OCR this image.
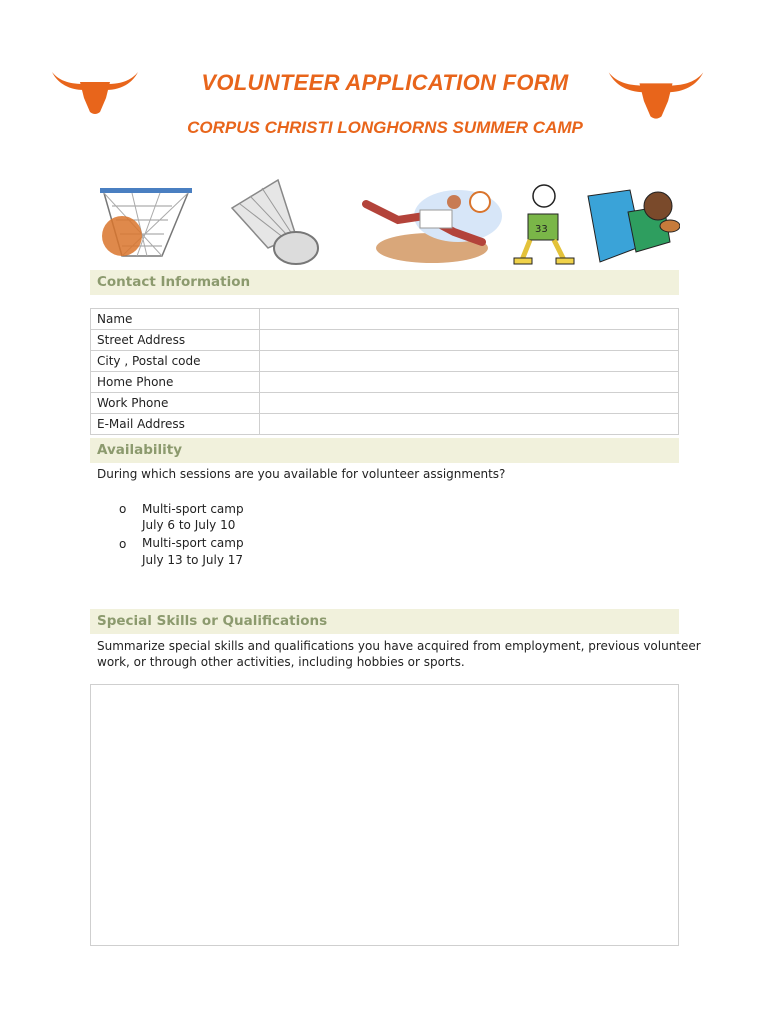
VOLUNTEER APPLICATION FORM
CORPUS CHRISTI LONGHORNS SUMMER CAMP
33
Contact Information
Name	
Street Address	
City , Postal code	
Home Phone	
Work Phone	
E-Mail Address	
Availability
During which sessions are you available for volunteer assignments?
o Multi-sport camp
July 6 to July 10
o Multi-sport camp
July 13 to July 17
Special Skills or Qualifications
Summarize special skills and qualifications you have acquired from employment, previous volunteer
work, or through other activities, including hobbies or sports.
